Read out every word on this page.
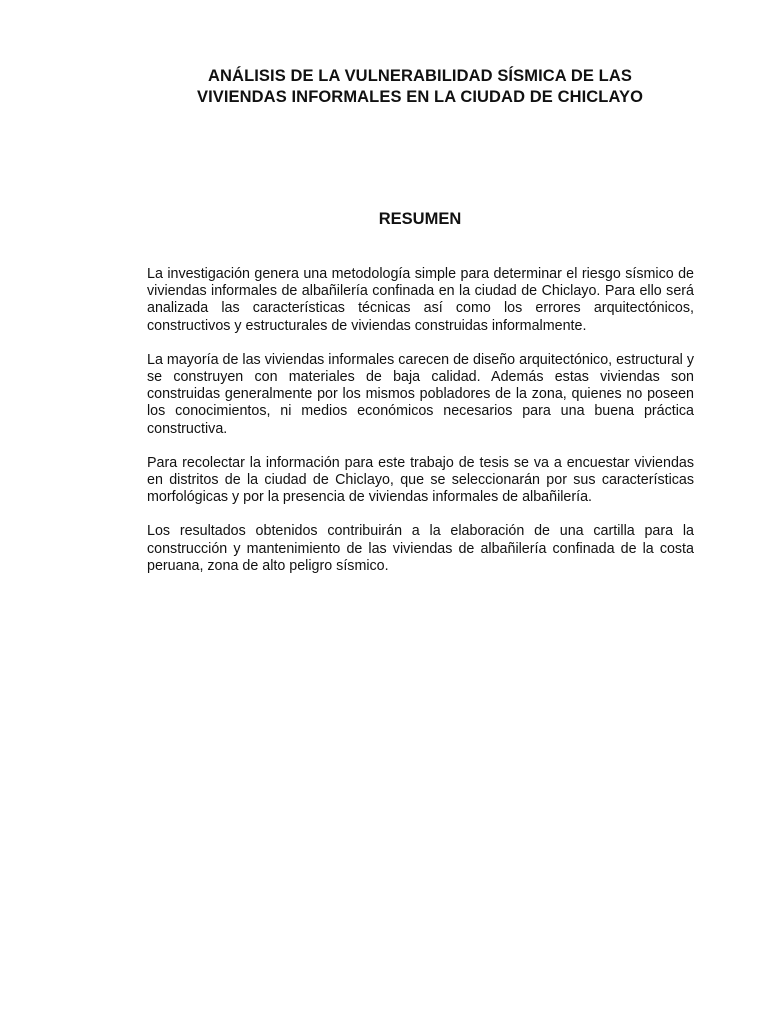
ANÁLISIS DE LA VULNERABILIDAD SÍSMICA DE LAS
VIVIENDAS INFORMALES EN LA CIUDAD DE CHICLAYO
RESUMEN

La investigación genera una metodología simple para determinar el riesgo sísmico de viviendas informales de albañilería confinada en la ciudad de Chiclayo. Para ello será analizada las características técnicas así como los errores arquitectónicos, constructivos y estructurales de viviendas construidas informalmente.

La mayoría de las viviendas informales carecen de diseño arquitectónico, estructural y se construyen con materiales de baja calidad. Además estas viviendas son construidas generalmente por los mismos pobladores de la zona, quienes no poseen los conocimientos, ni medios económicos necesarios para una buena práctica constructiva.

Para recolectar la información para este trabajo de tesis se va a encuestar viviendas en distritos de la ciudad de Chiclayo, que se seleccionarán por sus características morfológicas y por la presencia de viviendas informales de albañilería.

Los resultados obtenidos contribuirán a la elaboración de una cartilla para la construcción y mantenimiento de las viviendas de albañilería confinada de la costa peruana, zona de alto peligro sísmico.
